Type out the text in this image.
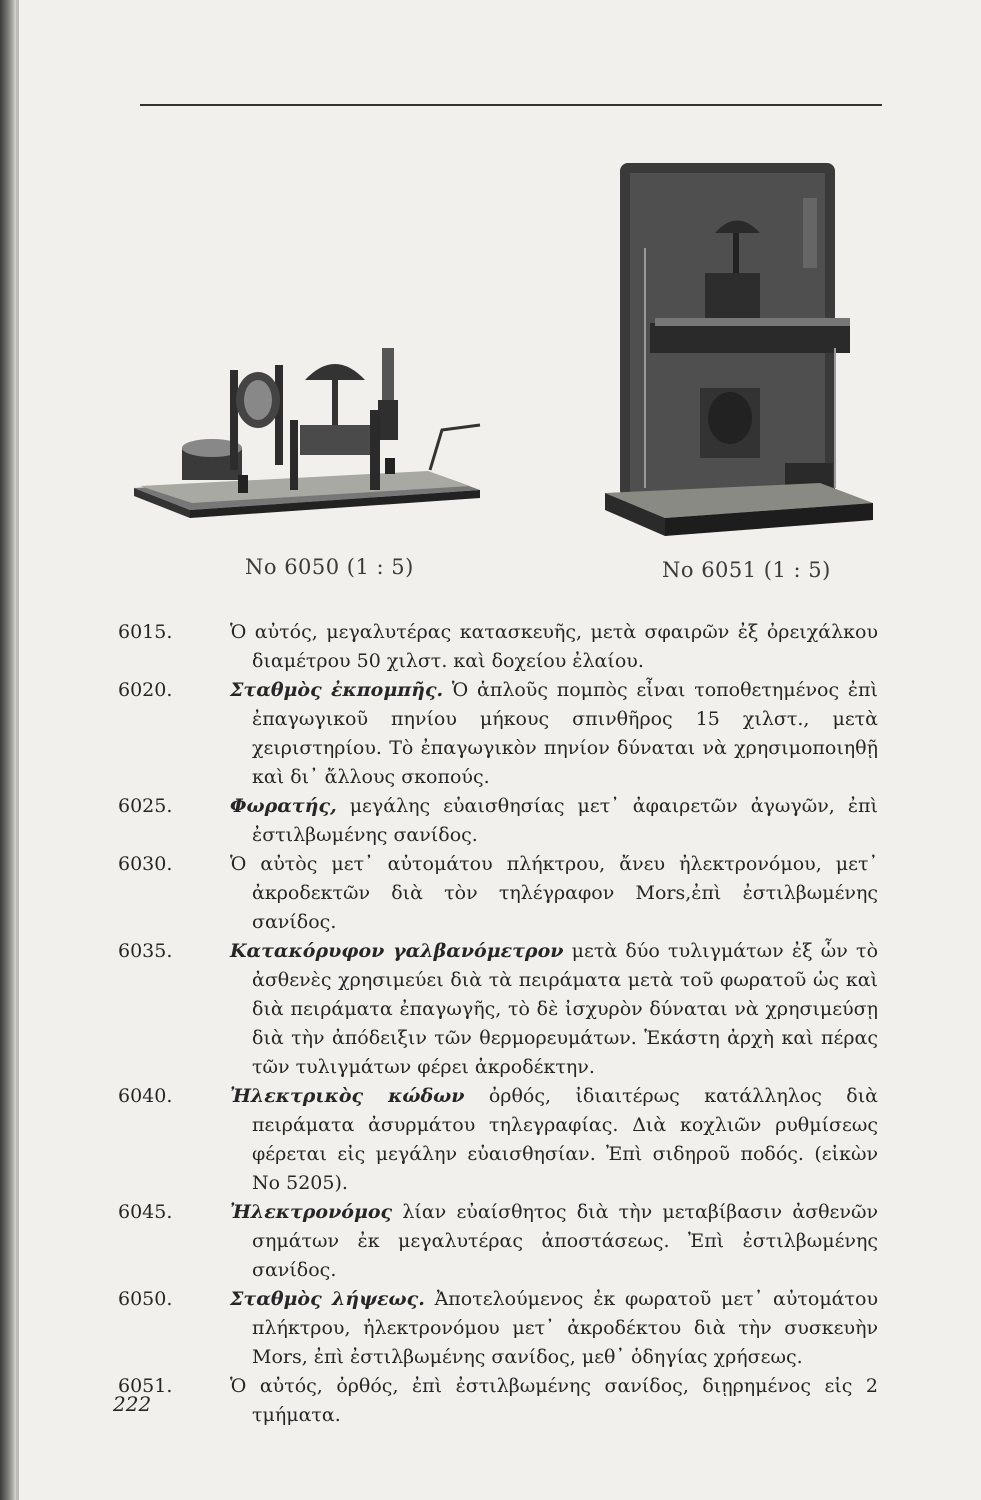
No 6050 (1 : 5)	No 6051 (1 : 5)
6015.	Ὁ αὐτός, μεγαλυτέρας κατασκευῆς, μετὰ σφαιρῶν ἐξ ὀρειχάλκου διαμέτρου 50 χιλστ. καὶ δοχείου ἐλαίου.
6020.	Σταθμὸς ἐκπομπῆς. Ὁ ἁπλοῦς πομπὸς εἶναι τοποθετημένος ἐπὶ ἐπαγωγικοῦ πηνίου μήκους σπινθῆρος 15 χιλστ., μετὰ χειριστηρίου. Τὸ ἐπαγωγικὸν πηνίον δύναται νὰ χρησιμοποιηθῇ καὶ δι᾽ ἄλλους σκοπούς.
6025.	Φωρατής, μεγάλης εὐαισθησίας μετ᾽ ἀφαιρετῶν ἀγωγῶν, ἐπὶ ἐστιλβωμένης σανίδος.
6030.	Ὁ αὐτὸς μετ᾽ αὐτομάτου πλήκτρου, ἄνευ ἠλεκτρονόμου, μετ᾽ ἀκροδεκτῶν διὰ τὸν τηλέγραφον Mors,ἐπὶ ἐστιλβωμένης σανίδος.
6035.	Κατακόρυφον γαλβανόμετρον μετὰ δύο τυλιγμάτων ἐξ ὧν τὸ ἀσθενὲς χρησιμεύει διὰ τὰ πειράματα μετὰ τοῦ φωρατοῦ ὡς καὶ διὰ πειράματα ἐπαγωγῆς, τὸ δὲ ἰσχυρὸν δύναται νὰ χρησιμεύσῃ διὰ τὴν ἀπόδειξιν τῶν θερμορευμάτων. Ἑκάστη ἀρχὴ καὶ πέρας τῶν τυλιγμάτων φέρει ἀκροδέκτην.
6040.	Ἠλεκτρικὸς κώδων ὀρθός, ἰδιαιτέρως κατάλληλος διὰ πειράματα ἀσυρμάτου τηλεγραφίας. Διὰ κοχλιῶν ρυθμίσεως φέρεται εἰς μεγάλην εὐαισθησίαν. Ἐπὶ σιδηροῦ ποδός. (εἰκὼν Νο 5205).
6045.	Ἠλεκτρονόμος λίαν εὐαίσθητος διὰ τὴν μεταβίβασιν ἀσθενῶν σημάτων ἐκ μεγαλυτέρας ἀποστάσεως. Ἐπὶ ἐστιλβωμένης σανίδος.
6050.	Σταθμὸς λήψεως. Ἀποτελούμενος ἐκ φωρατοῦ μετ᾽ αὐτομάτου πλήκτρου, ἠλεκτρονόμου μετ᾽ ἀκροδέκτου διὰ τὴν συσκευὴν Mors, ἐπὶ ἐστιλβωμένης σανίδος, μεθ᾽ ὁδηγίας χρήσεως.
6051.	Ὁ αὐτός, ὀρθός, ἐπὶ ἐστιλβωμένης σανίδος, διῃρημένος εἰς 2 τμήματα.
222
